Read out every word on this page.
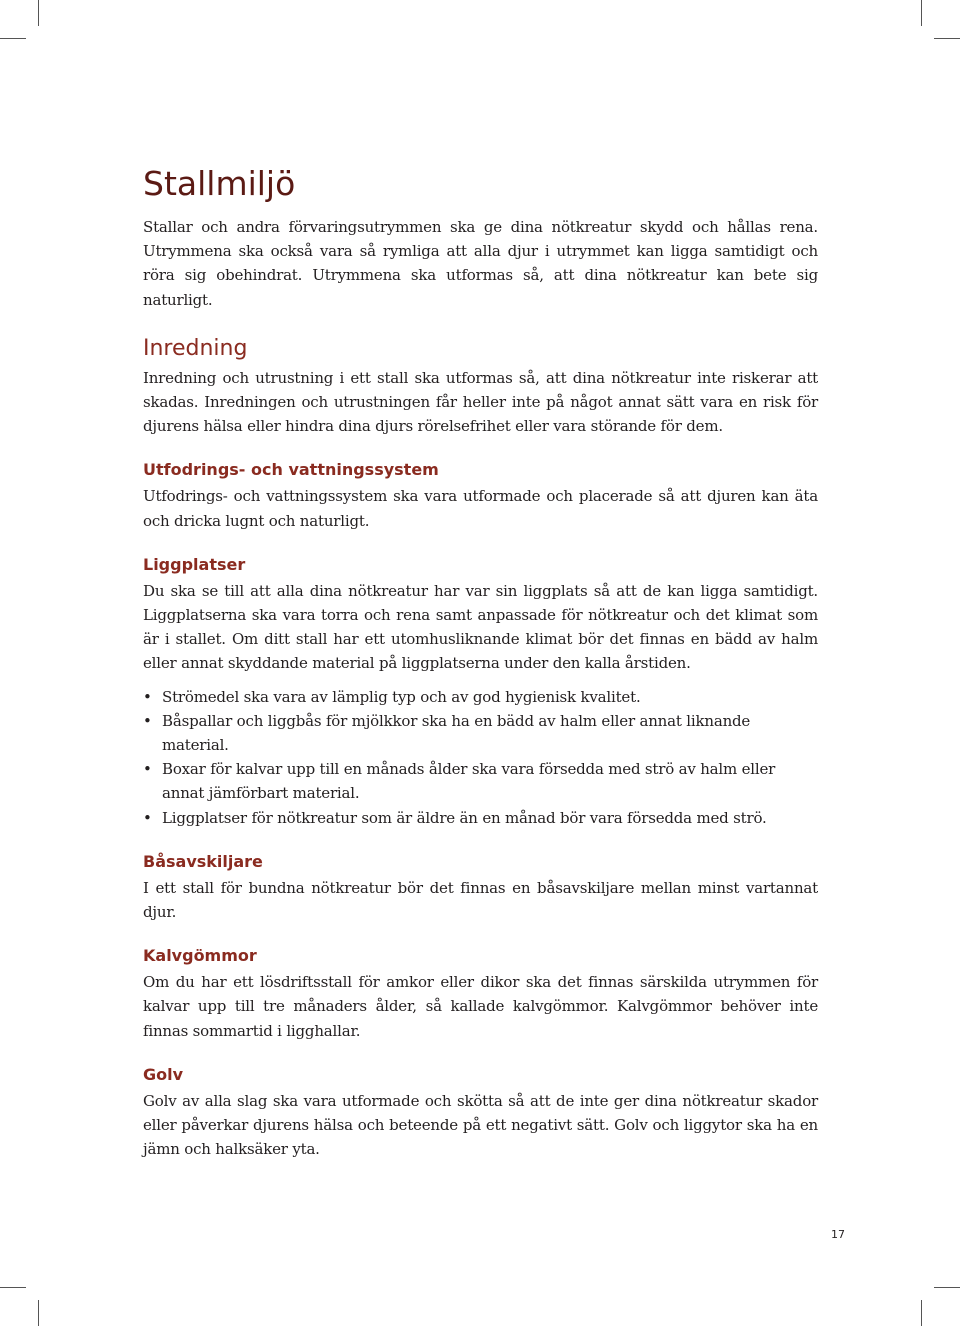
Stallmiljö

Stallar och andra förvaringsutrymmen ska ge dina nötkreatur skydd och hållas rena. Utrymmena ska också vara så rymliga att alla djur i utrymmet kan ligga samtidigt och röra sig obehindrat. Utrymmena ska utformas så, att dina nötkreatur kan bete sig naturligt.

Inredning

Inredning och utrustning i ett stall ska utformas så, att dina nötkreatur inte riskerar att skadas. Inredningen och utrustningen får heller inte på något annat sätt vara en risk för djurens hälsa eller hindra dina djurs rörelsefrihet eller vara störande för dem.

Utfodrings- och vattningssystem

Utfodrings- och vattningssystem ska vara utformade och placerade så att djuren kan äta och dricka lugnt och naturligt.

Liggplatser

Du ska se till att alla dina nötkreatur har var sin liggplats så att de kan ligga samtidigt. Liggplatserna ska vara torra och rena samt anpassade för nötkreatur och det klimat som är i stallet. Om ditt stall har ett utomhusliknande klimat bör det finnas en bädd av halm eller annat skyddande material på liggplatserna under den kalla årstiden.

• Strömedel ska vara av lämplig typ och av god hygienisk kvalitet.
• Båspallar och liggbås för mjölkkor ska ha en bädd av halm eller annat liknande material.
• Boxar för kalvar upp till en månads ålder ska vara försedda med strö av halm eller annat jämförbart material.
• Liggplatser för nötkreatur som är äldre än en månad bör vara försedda med strö.
Båsavskiljare

I ett stall för bundna nötkreatur bör det finnas en båsavskiljare mellan minst vartannat djur.

Kalvgömmor

Om du har ett lösdriftsstall för amkor eller dikor ska det finnas särskilda utrymmen för kalvar upp till tre månaders ålder, så kallade kalvgömmor. Kalvgömmor behöver inte finnas sommartid i ligghallar.

Golv

Golv av alla slag ska vara utformade och skötta så att de inte ger dina nötkreatur skador eller påverkar djurens hälsa och beteende på ett negativt sätt. Golv och liggytor ska ha en jämn och halksäker yta.

17
